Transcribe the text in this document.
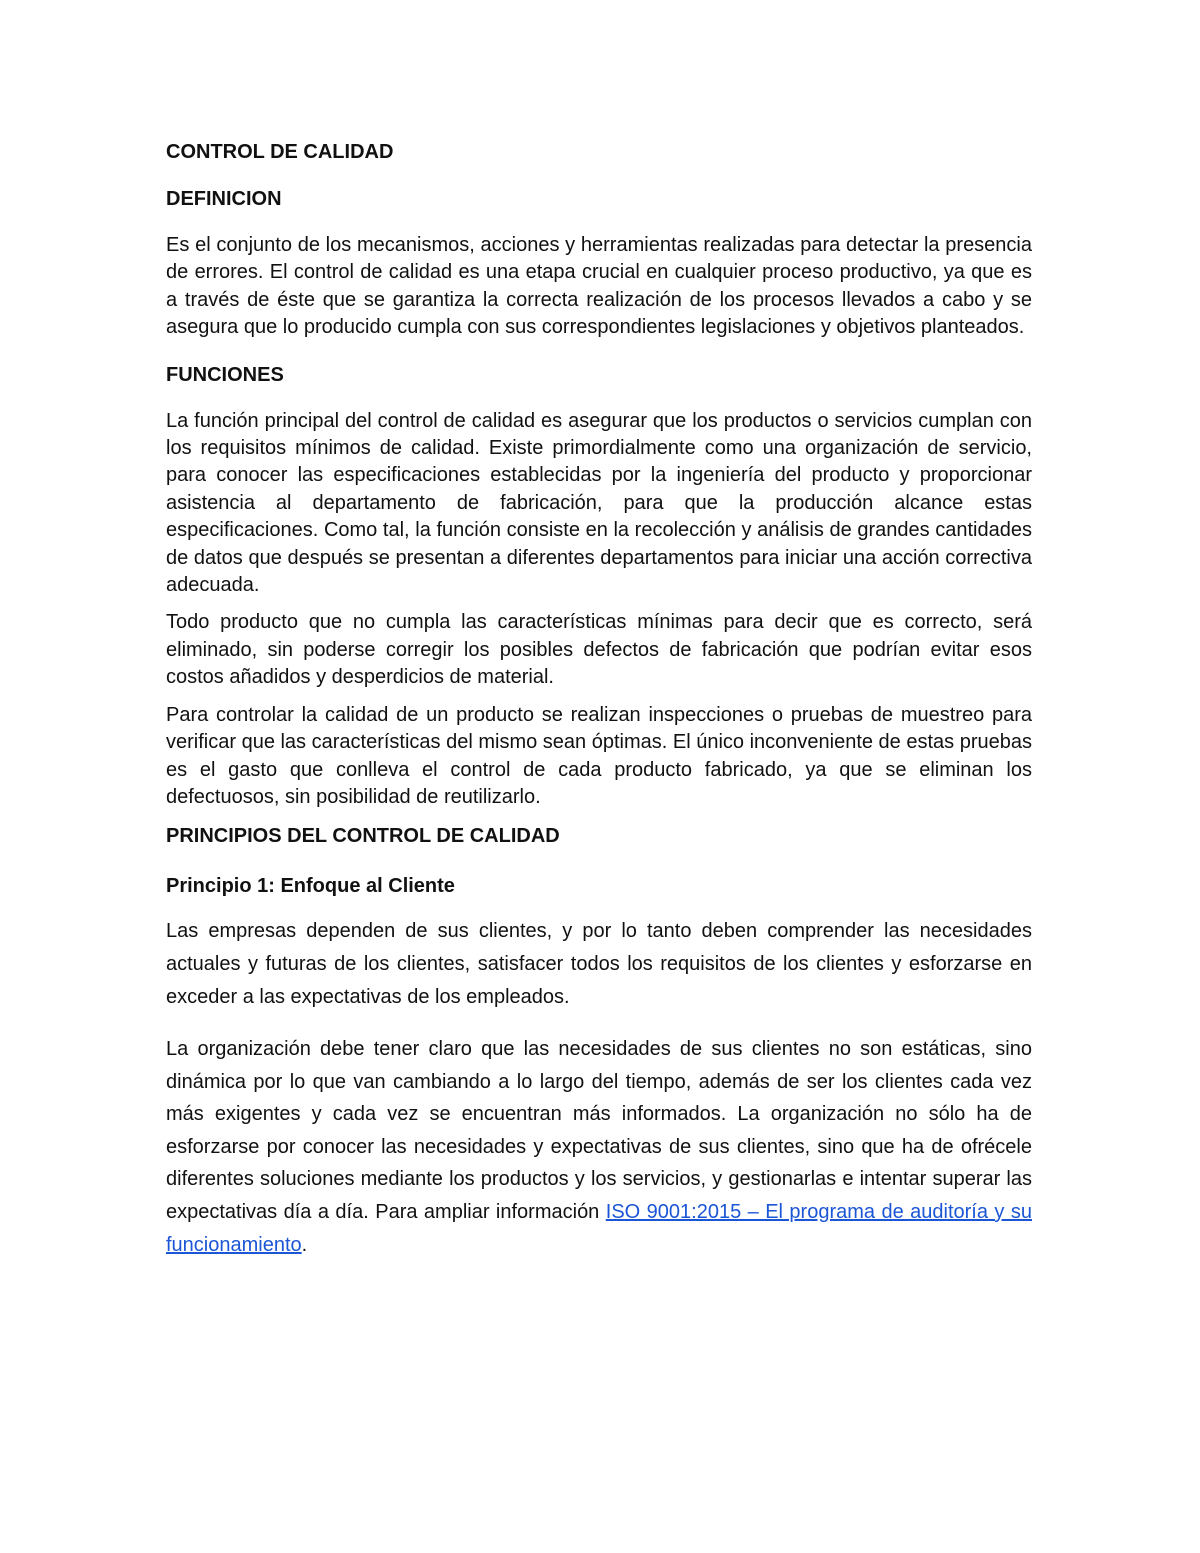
CONTROL DE CALIDAD

DEFINICION

Es el conjunto de los mecanismos, acciones y herramientas realizadas para detectar la presencia de errores. El control de calidad es una etapa crucial en cualquier proceso productivo, ya que es a través de éste que se garantiza la correcta realización de los procesos llevados a cabo y se asegura que lo producido cumpla con sus correspondientes legislaciones y objetivos planteados.

FUNCIONES

La función principal del control de calidad es asegurar que los productos o servicios cumplan con los requisitos mínimos de calidad. Existe primordialmente como una organización de servicio, para conocer las especificaciones establecidas por la ingeniería del producto y proporcionar asistencia al departamento de fabricación, para que la producción alcance estas especificaciones. Como tal, la función consiste en la recolección y análisis de grandes cantidades de datos que después se presentan a diferentes departamentos para iniciar una acción correctiva adecuada.

Todo producto que no cumpla las características mínimas para decir que es correcto, será eliminado, sin poderse corregir los posibles defectos de fabricación que podrían evitar esos costos añadidos y desperdicios de material.

Para controlar la calidad de un producto se realizan inspecciones o pruebas de muestreo para verificar que las características del mismo sean óptimas. El único inconveniente de estas pruebas es el gasto que conlleva el control de cada producto fabricado, ya que se eliminan los defectuosos, sin posibilidad de reutilizarlo.

PRINCIPIOS DEL CONTROL DE CALIDAD

Principio 1: Enfoque al Cliente

Las empresas dependen de sus clientes, y por lo tanto deben comprender las necesidades actuales y futuras de los clientes, satisfacer todos los requisitos de los clientes y esforzarse en exceder a las expectativas de los empleados.

La organización debe tener claro que las necesidades de sus clientes no son estáticas, sino dinámica por lo que van cambiando a lo largo del tiempo, además de ser los clientes cada vez más exigentes y cada vez se encuentran más informados. La organización no sólo ha de esforzarse por conocer las necesidades y expectativas de sus clientes, sino que ha de ofrécele diferentes soluciones mediante los productos y los servicios, y gestionarlas e intentar superar las expectativas día a día. Para ampliar información ISO 9001:2015 – El programa de auditoría y su funcionamiento.
